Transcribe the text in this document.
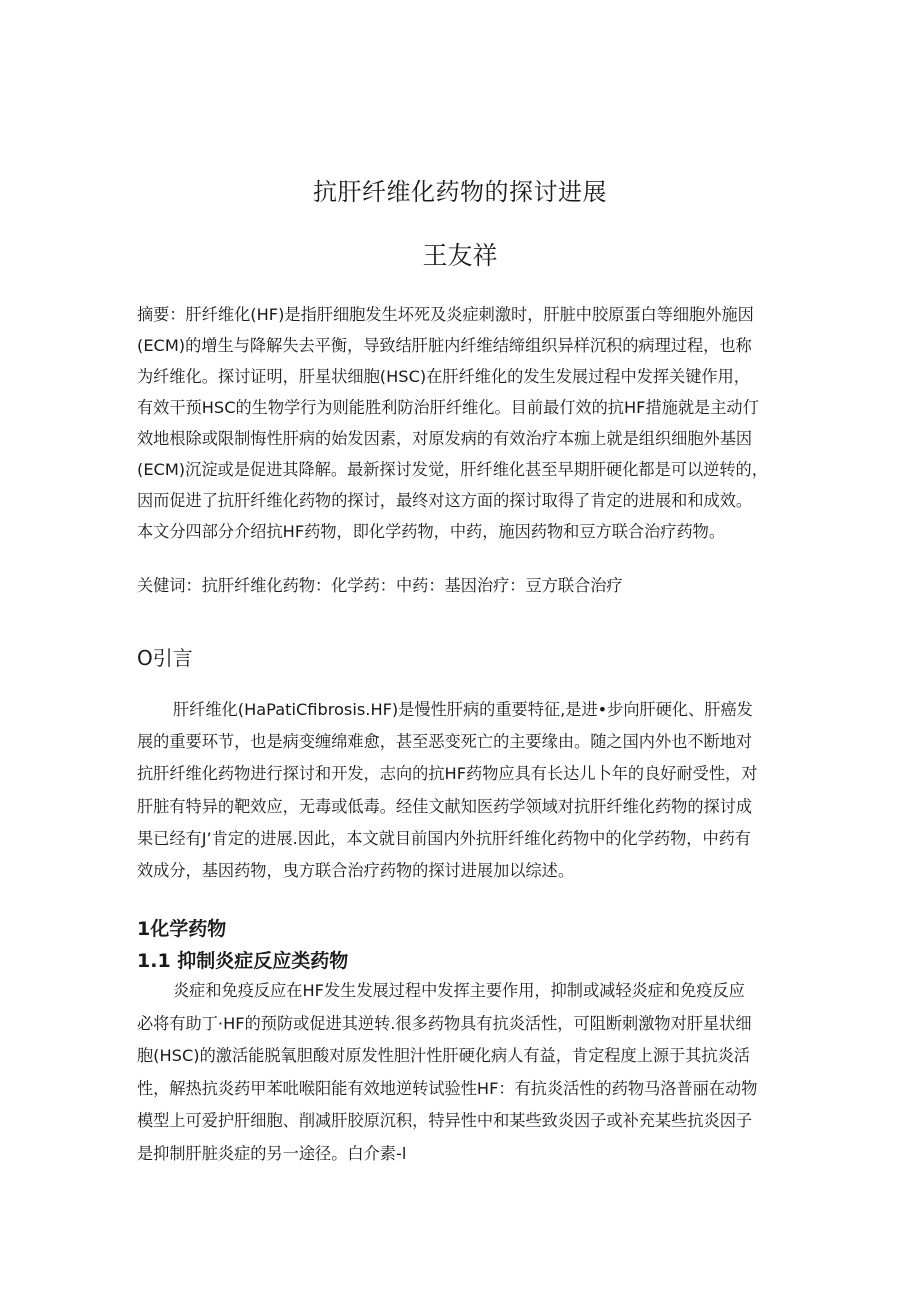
抗肝纤维化药物的探讨进展
王友祥
摘要：肝纤维化(HF)是指肝细胞发生坏死及炎症刺激时，肝脏中胶原蛋白等细胞外施因
(ECM)的增生与降解失去平衡，导致结肝脏内纤维结缔组织异样沉积的病理过程，也称
为纤维化。探讨证明，肝星状细胞(HSC)在肝纤维化的发生发展过程中发挥关键作用，
有效干预HSC的生物学行为则能胜利防治肝纤维化。目前最仃效的抗HF措施就是主动仃
效地根除或限制悔性肝病的始发因素，对原发病的有效治疗本痂上就是组织细胞外基因
(ECM)沉淀或是促进其降解。最新探讨发觉，肝纤维化甚至早期肝硬化都是可以逆转的，
因而促进了抗肝纤维化药物的探讨，最终对这方面的探讨取得了肯定的进展和和成效。
本文分四部分介绍抗HF药物，即化学药物，中药，施因药物和豆方联合治疗药物。
关健词：抗肝纤维化药物：化学药：中药：基因治疗：豆方联合治疗
O引言
肝纤维化(HaPatiCfibrosis.HF)是慢性肝病的重要特征,是进•步向肝硬化、肝癌发
展的重要环节，也是病变缠绵难愈，甚至恶变死亡的主要缘由。随之国内外也不断地对
抗肝纤维化药物进行探讨和开发，志向的抗HF药物应具有长达儿卜年的良好耐受性，对
肝脏有特异的靶效应，无毒或低毒。经佳文献知医药学领域对抗肝纤维化药物的探讨成
果已经有J’肯定的进展.因此，本文就目前国内外抗肝纤维化药物中的化学药物，中药有
效成分，基因药物，曳方联合治疗药物的探讨进展加以综述。
1化学药物
1.1 抑制炎症反应类药物
炎症和免疫反应在HF发生发展过程中发挥主要作用，抑制或减轻炎症和免疫反应
必将有助丁·HF的预防或促进其逆转.很多药物具有抗炎活性，可阻断刺激物对肝星状细
胞(HSC)的激活能脱氧胆酸对原发性胆汁性肝硬化病人有益，肯定程度上源于其抗炎活
性，解热抗炎药甲苯吡喉阳能有效地逆转试验性HF：有抗炎活性的药物马洛普丽在动物
模型上可爱护肝细胞、削减肝胶原沉积，特异性中和某些致炎因子或补充某些抗炎因子
是抑制肝脏炎症的另一途径。白介素-l
